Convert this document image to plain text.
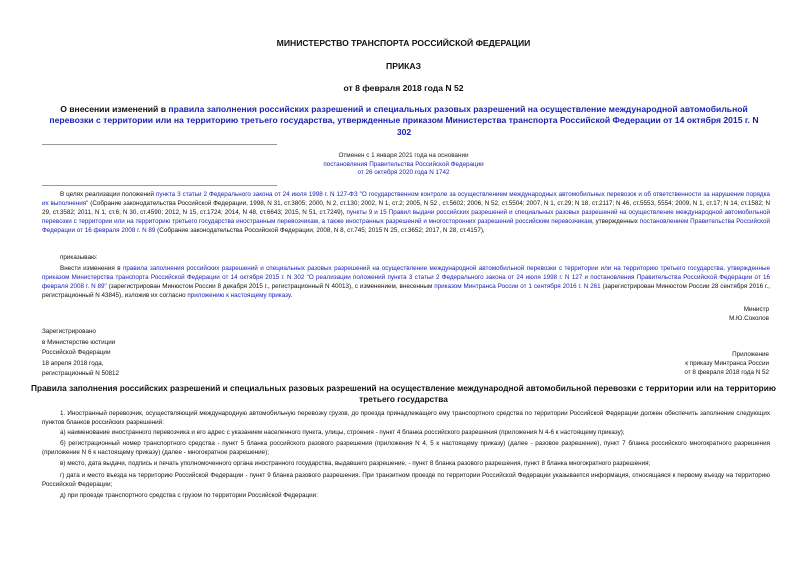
МИНИСТЕРСТВО ТРАНСПОРТА РОССИЙСКОЙ ФЕДЕРАЦИИ
ПРИКАЗ
от 8 февраля 2018 года N 52
О внесении изменений в правила заполнения российских разрешений и специальных разовых разрешений на осуществление международной автомобильной перевозки с территории или на территорию третьего государства, утвержденные приказом Министерства транспорта Российской Федерации от 14 октября 2015 г. N 302
Отменен с 1 января 2021 года на основании
постановления Правительства Российской Федерации
от 26 октября 2020 года N 1742
В целях реализации положений пункта 3 статьи 2 Федерального закона от 24 июля 1998 г. N 127-ФЗ "О государственном контроле за осуществлением международных автомобильных перевозок и об ответственности за нарушение порядка их выполнения" (Собрание законодательства Российской Федерации, 1998, N 31, ст.3805; 2000, N 2, ст.130; 2002, N 1, ст.2; 2005, N 52 , ст.5602; 2006, N 52, ст.5504; 2007, N 1, ст.29; N 18, ст.2117; N 46, ст.5553, 5554; 2009, N 1, ст.17; N 14, ст.1582; N 29, ст.3582; 2011, N 1, ст.6; N 30, ст.4590; 2012, N 15, ст.1724; 2014, N 48, ст.6643; 2015, N 51, ст.7249), пункты 9 и 15 Правил выдачи российских разрешений и специальных разовых разрешений на осуществление международной автомобильной перевозки с территории или на территорию третьего государства иностранным перевозчикам, а также иностранных разрешений и многосторонних разрешений российским перевозчикам, утвержденных постановлением Правительства Российской Федерации от 16 февраля 2008 г. N 89 (Собрание законодательства Российской Федерации, 2008, N 8, ст.745; 2015 N 25, ст.3652; 2017, N 28, ст.4157),
приказываю:
Внести изменения в правила заполнения российских разрешений и специальных разовых разрешений на осуществление международной автомобильной перевозки с территории или на территорию третьего государства, утвержденные приказом Министерства транспорта Российской Федерации от 14 октября 2015 г. N 302 "О реализации положений пункта 3 статьи 2 Федерального закона от 24 июля 1998 г. N 127 и постановления Правительства Российской Федерации от 16 февраля 2008 г. N 89" (зарегистрирован Минюстом России 8 декабря 2015 г., регистрационный N 40013), с изменением, внесенным приказом Минтранса России от 1 сентября 2016 г. N 261 (зарегистрирован Минюстом России 28 сентября 2016 г., регистрационный N 43845), изложив их согласно приложению к настоящему приказу.
Министр
М.Ю.Соколов
Зарегистрировано
в Министерстве юстиции
Российской Федерации
18 апреля 2018 года,
регистрационный N 50812
Приложение
к приказу Минтранса России
от 8 февраля 2018 года N 52
Правила заполнения российских разрешений и специальных разовых разрешений на осуществление международной автомобильной перевозки с территории или на территорию третьего государства
1. Иностранный перевозчик, осуществляющий международную автомобильную перевозку грузов, до проезда принадлежащего ему транспортного средства по территории Российской Федерации должен обеспечить заполнение следующих пунктов бланков российских разрешений:
а) наименование иностранного перевозчика и его адрес с указанием населенного пункта, улицы, строения - пункт 4 бланка российского разрешения (приложения N 4-6 к настоящему приказу);
б) регистрационный номер транспортного средства - пункт 5 бланка российского разового разрешения (приложения N 4, 5 к настоящему приказу) (далее - разовое разрешение), пункт 7 бланка российского многократного разрешения (приложение N 6 к настоящему приказу) (далее - многократное разрешение);
в) место, дата выдачи, подпись и печать уполномоченного органа иностранного государства, выдавшего разрешение, - пункт 8 бланка разового разрешения, пункт 8 бланка многократного разрешения;
г) дата и место въезда на территорию Российской Федерации - пункт 9 бланка разового разрешения. При транзитном проезде по территории Российской Федерации указывается информация, относящаяся к первому въезду на территорию Российской Федерации;
д) при проезде транспортного средства с грузом по территории Российской Федерации:
